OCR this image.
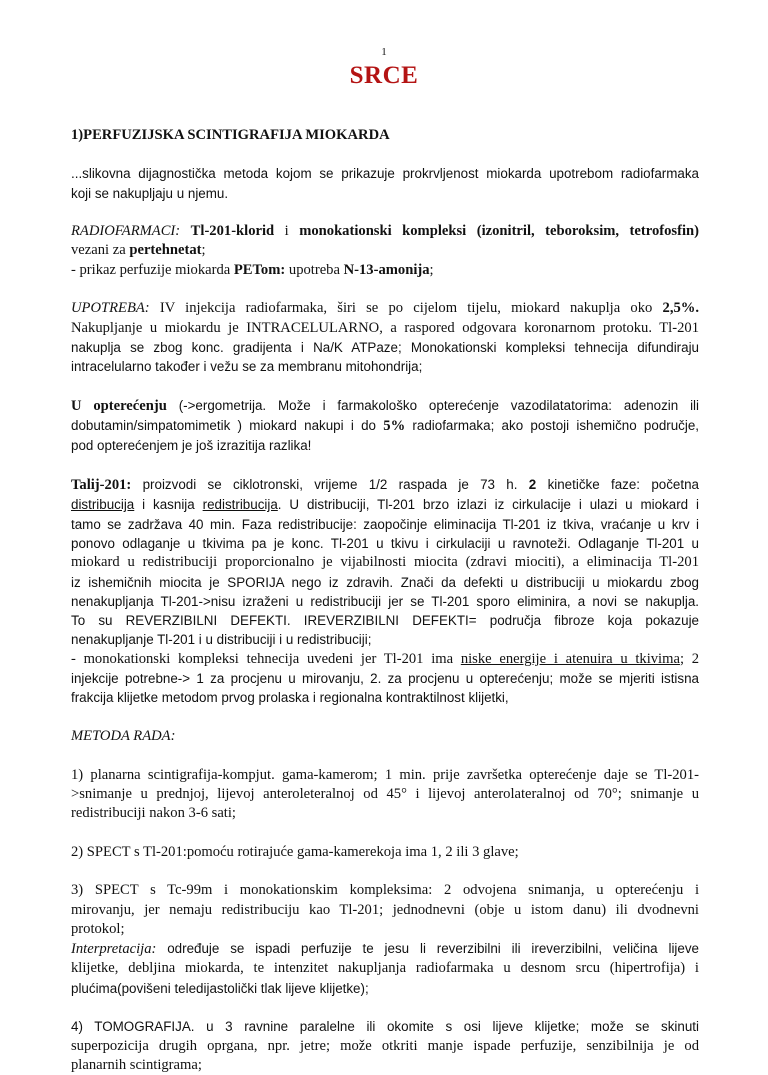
1
SRCE
1)PERFUZIJSKA SCINTIGRAFIJA MIOKARDA

...slikovna dijagnostička metoda kojom se prikazuje prokrvljenost miokarda upotrebom radiofarmaka
koji se nakupljaju u njemu.

RADIOFARMACI: Tl-201-klorid i monokationski kompleksi (izonitril, teboroksim, tetrofosfin)
vezani za pertehnetat;
- prikaz perfuzije miokarda PETom: upotreba N-13-amonija;

UPOTREBA: IV injekcija radiofarmaka, širi se po cijelom tijelu, miokard nakuplja oko 2,5%.
Nakupljanje u miokardu je INTRACELULARNO, a raspored odgovara koronarnom protoku. Tl-201
nakuplja se zbog konc. gradijenta i Na/K ATPaze; Monokationski kompleksi tehnecija difundiraju
intracelularno također i vežu se za membranu mitohondrija;

U opterećenju (->ergometrija. Može i farmakološko opterećenje vazodilatatorima: adenozin ili
dobutamin/simpatomimetik ) miokard nakupi i do 5% radiofarmaka; ako postoji ishemično područje,
pod opterećenjem je još izrazitija razlika!

Talij-201: proizvodi se ciklotronski, vrijeme 1/2 raspada je 73 h. 2 kinetičke faze: početna
distribucija i kasnija redistribucija. U distribuciji, Tl-201 brzo izlazi iz cirkulacije i ulazi u miokard i
tamo se zadržava 40 min. Faza redistribucije: zaopočinje eliminacija Tl-201 iz tkiva, vraćanje u krv i
ponovo odlaganje u tkivima pa je konc. Tl-201 u tkivu i cirkulaciji u ravnoteži. Odlaganje Tl-201 u
miokard u redistribuciji proporcionalno je vijabilnosti miocita (zdravi miociti), a eliminacija Tl-201
iz ishemičnih miocita je SPORIJA nego iz zdravih. Znači da defekti u distribuciji u miokardu zbog
nenakupljanja Tl-201->nisu izraženi u redistribuciji jer se Tl-201 sporo eliminira, a novi se nakuplja.
To su REVERZIBILNI DEFEKTI. IREVERZIBILNI DEFEKTI= područja fibroze koja pokazuje
nenakupljanje Tl-201 i u distribuciji i u redistribuciji;
- monokationski kompleksi tehnecija uvedeni jer Tl-201 ima niske energije i atenuira u tkivima; 2
injekcije potrebne-> 1 za procjenu u mirovanju, 2. za procjenu u opterećenju; može se mjeriti istisna
frakcija klijetke metodom prvog prolaska i regionalna kontraktilnost klijetki,

METODA RADA:

1) planarna scintigrafija-kompjut. gama-kamerom; 1 min. prije završetka opterećenje daje se Tl-201-
>snimanje u prednjoj, lijevoj anteroleteralnoj od 45° i lijevoj anterolateralnoj od 70°; snimanje u
redistribuciji nakon 3-6 sati;

2) SPECT s Tl-201:pomoću rotirajuće gama-kamerekoja ima 1, 2 ili 3 glave;

3) SPECT s Tc-99m i monokationskim kompleksima: 2 odvojena snimanja, u opterećenju i
mirovanju, jer nemaju redistribuciju kao Tl-201; jednodnevni (obje u istom danu) ili dvodnevni
protokol;
Interpretacija: određuje se ispadi perfuzije te jesu li reverzibilni ili ireverzibilni, veličina lijeve
klijetke, debljina miokarda, te intenzitet nakupljanja radiofarmaka u desnom srcu (hipertrofija) i
plućima(povišeni teledijastolički tlak lijeve klijetke);

4) TOMOGRAFIJA. u 3 ravnine paralelne ili okomite s osi lijeve klijetke; može se skinuti
superpozicija drugih oprgana, npr. jetre; može otkriti manje ispade perfuzije, senzibilnija je od
planarnih scintigrama;
